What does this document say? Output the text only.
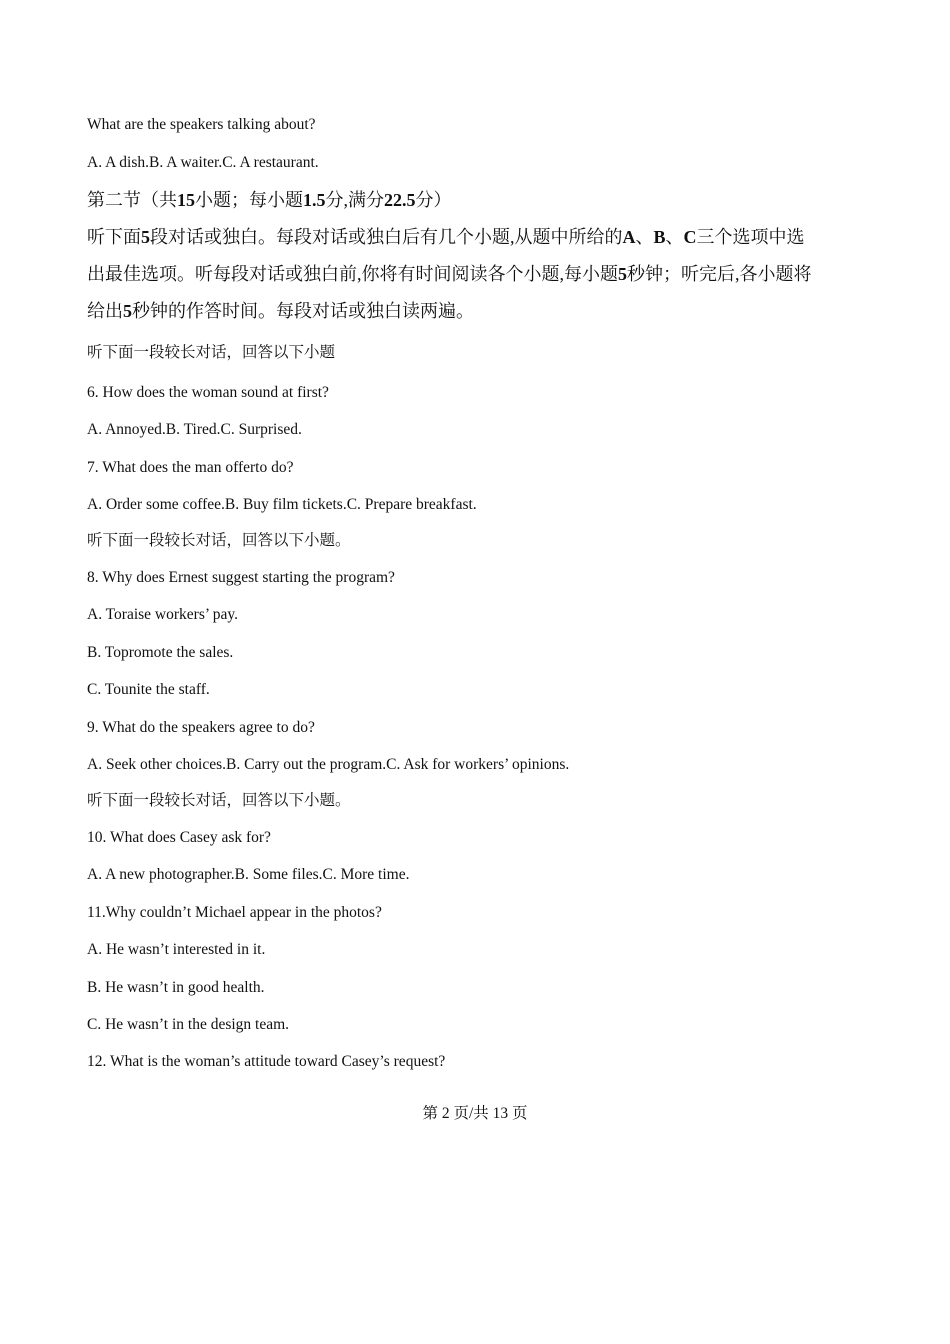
What are the speakers talking about?
A. A dish.B. A waiter.C. A restaurant.
第二节（共15小题；每小题1.5分,满分22.5分）
听下面5段对话或独白。每段对话或独白后有几个小题,从题中所给的A、B、C三个选项中选
出最佳选项。听每段对话或独白前,你将有时间阅读各个小题,每小题5秒钟；听完后,各小题将
给出5秒钟的作答时间。每段对话或独白读两遍。
听下面一段较长对话，回答以下小题
6. How does the woman sound at first?
A. Annoyed.B. Tired.C. Surprised.
7. What does the man offerto do?
A. Order some coffee.B. Buy film tickets.C. Prepare breakfast.
听下面一段较长对话，回答以下小题。
8. Why does Ernest suggest starting the program?
A. Toraise workers’ pay.
B. Topromote the sales.
C. Tounite the staff.
9. What do the speakers agree to do?
A. Seek other choices.B. Carry out the program.C. Ask for workers’ opinions.
听下面一段较长对话，回答以下小题。
10. What does Casey ask for?
A. A new photographer.B. Some files.C. More time.
11.Why couldn’t Michael appear in the photos?
A. He wasn’t interested in it.
B. He wasn’t in good health.
C. He wasn’t in the design team.
12. What is the woman’s attitude toward Casey’s request?
第 2 页/共 13 页
